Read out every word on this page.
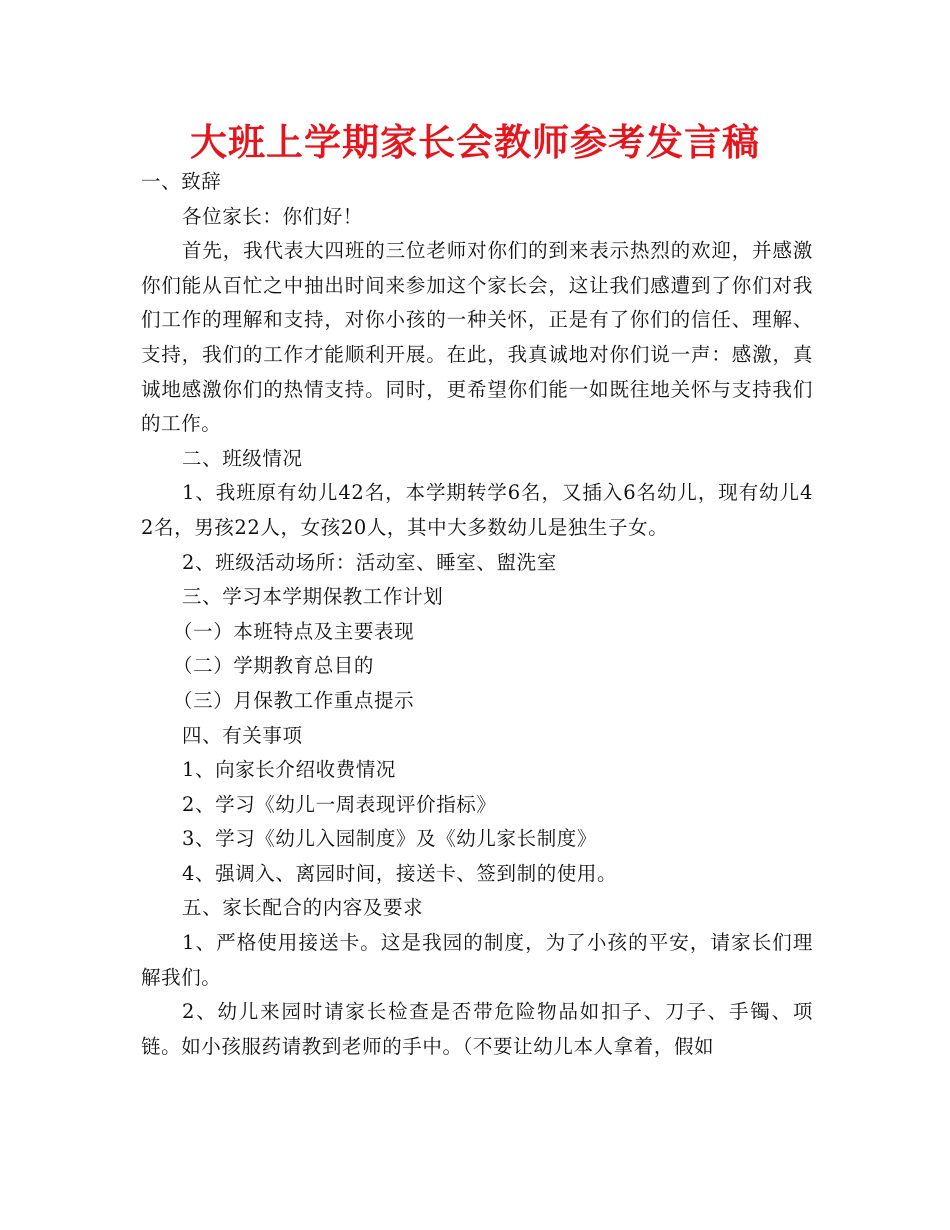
大班上学期家长会教师参考发言稿

一、致辞

各位家长：你们好！

首先，我代表大四班的三位老师对你们的到来表示热烈的欢迎，并感激你们能从百忙之中抽出时间来参加这个家长会，这让我们感遭到了你们对我们工作的理解和支持，对你小孩的一种关怀，正是有了你们的信任、理解、支持，我们的工作才能顺利开展。在此，我真诚地对你们说一声：感激，真诚地感激你们的热情支持。同时，更希望你们能一如既往地关怀与支持我们的工作。

二、班级情况

1、我班原有幼儿42名，本学期转学6名，又插入6名幼儿，现有幼儿42名，男孩22人，女孩20人，其中大多数幼儿是独生子女。

2、班级活动场所：活动室、睡室、盥洗室

三、学习本学期保教工作计划

（一）本班特点及主要表现

（二）学期教育总目的

（三）月保教工作重点提示

四、有关事项

1、向家长介绍收费情况

2、学习《幼儿一周表现评价指标》

3、学习《幼儿入园制度》及《幼儿家长制度》

4、强调入、离园时间，接送卡、签到制的使用。

五、家长配合的内容及要求

1、严格使用接送卡。这是我园的制度，为了小孩的平安，请家长们理解我们。

2、幼儿来园时请家长检查是否带危险物品如扣子、刀子、手镯、项链。如小孩服药请教到老师的手中。（不要让幼儿本人拿着，假如
